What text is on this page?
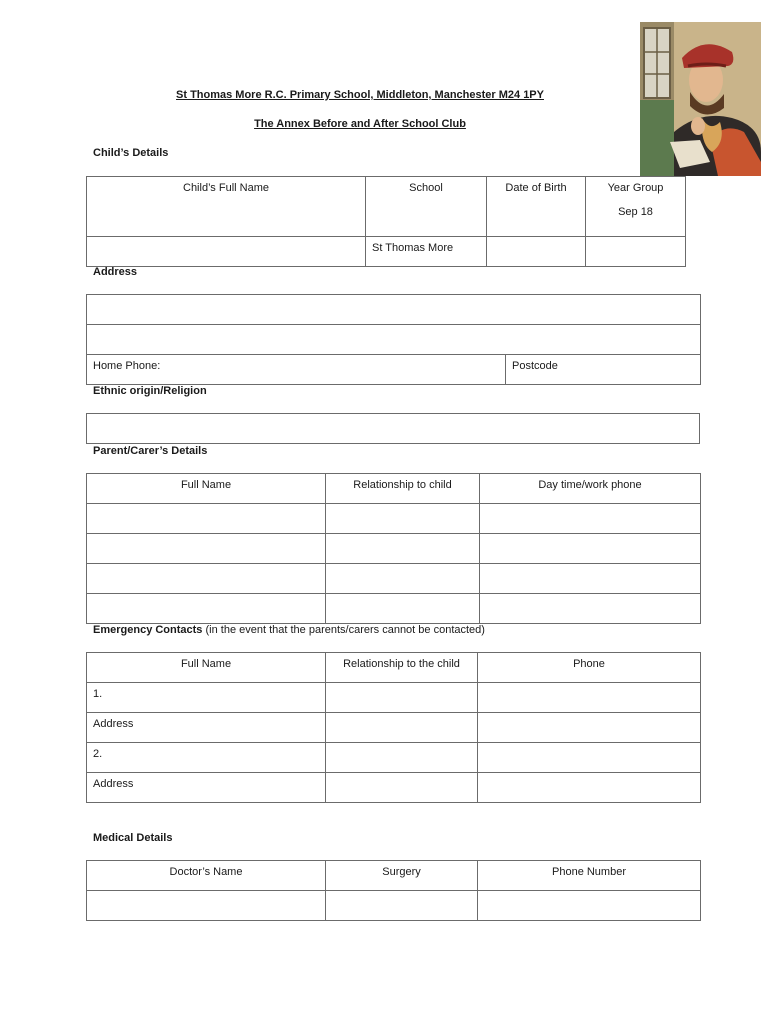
St Thomas More R.C. Primary School, Middleton, Manchester M24 1PY
The Annex Before and After School Club
Child’s Details
Child’s Full Name	School	Date of Birth	Year Group
Sep 18

	St Thomas More		

Address

Home Phone:	Postcode
Ethnic origin/Religion
Parent/Carer’s Details
Full Name	Relationship to child	Day time/work phone

Emergency Contacts (in the event that the parents/carers cannot be contacted)
Full Name	Relationship to the child	Phone

1.		

Address		

2.		

Address		

Medical Details
Doctor’s Name	Surgery	Phone Number
